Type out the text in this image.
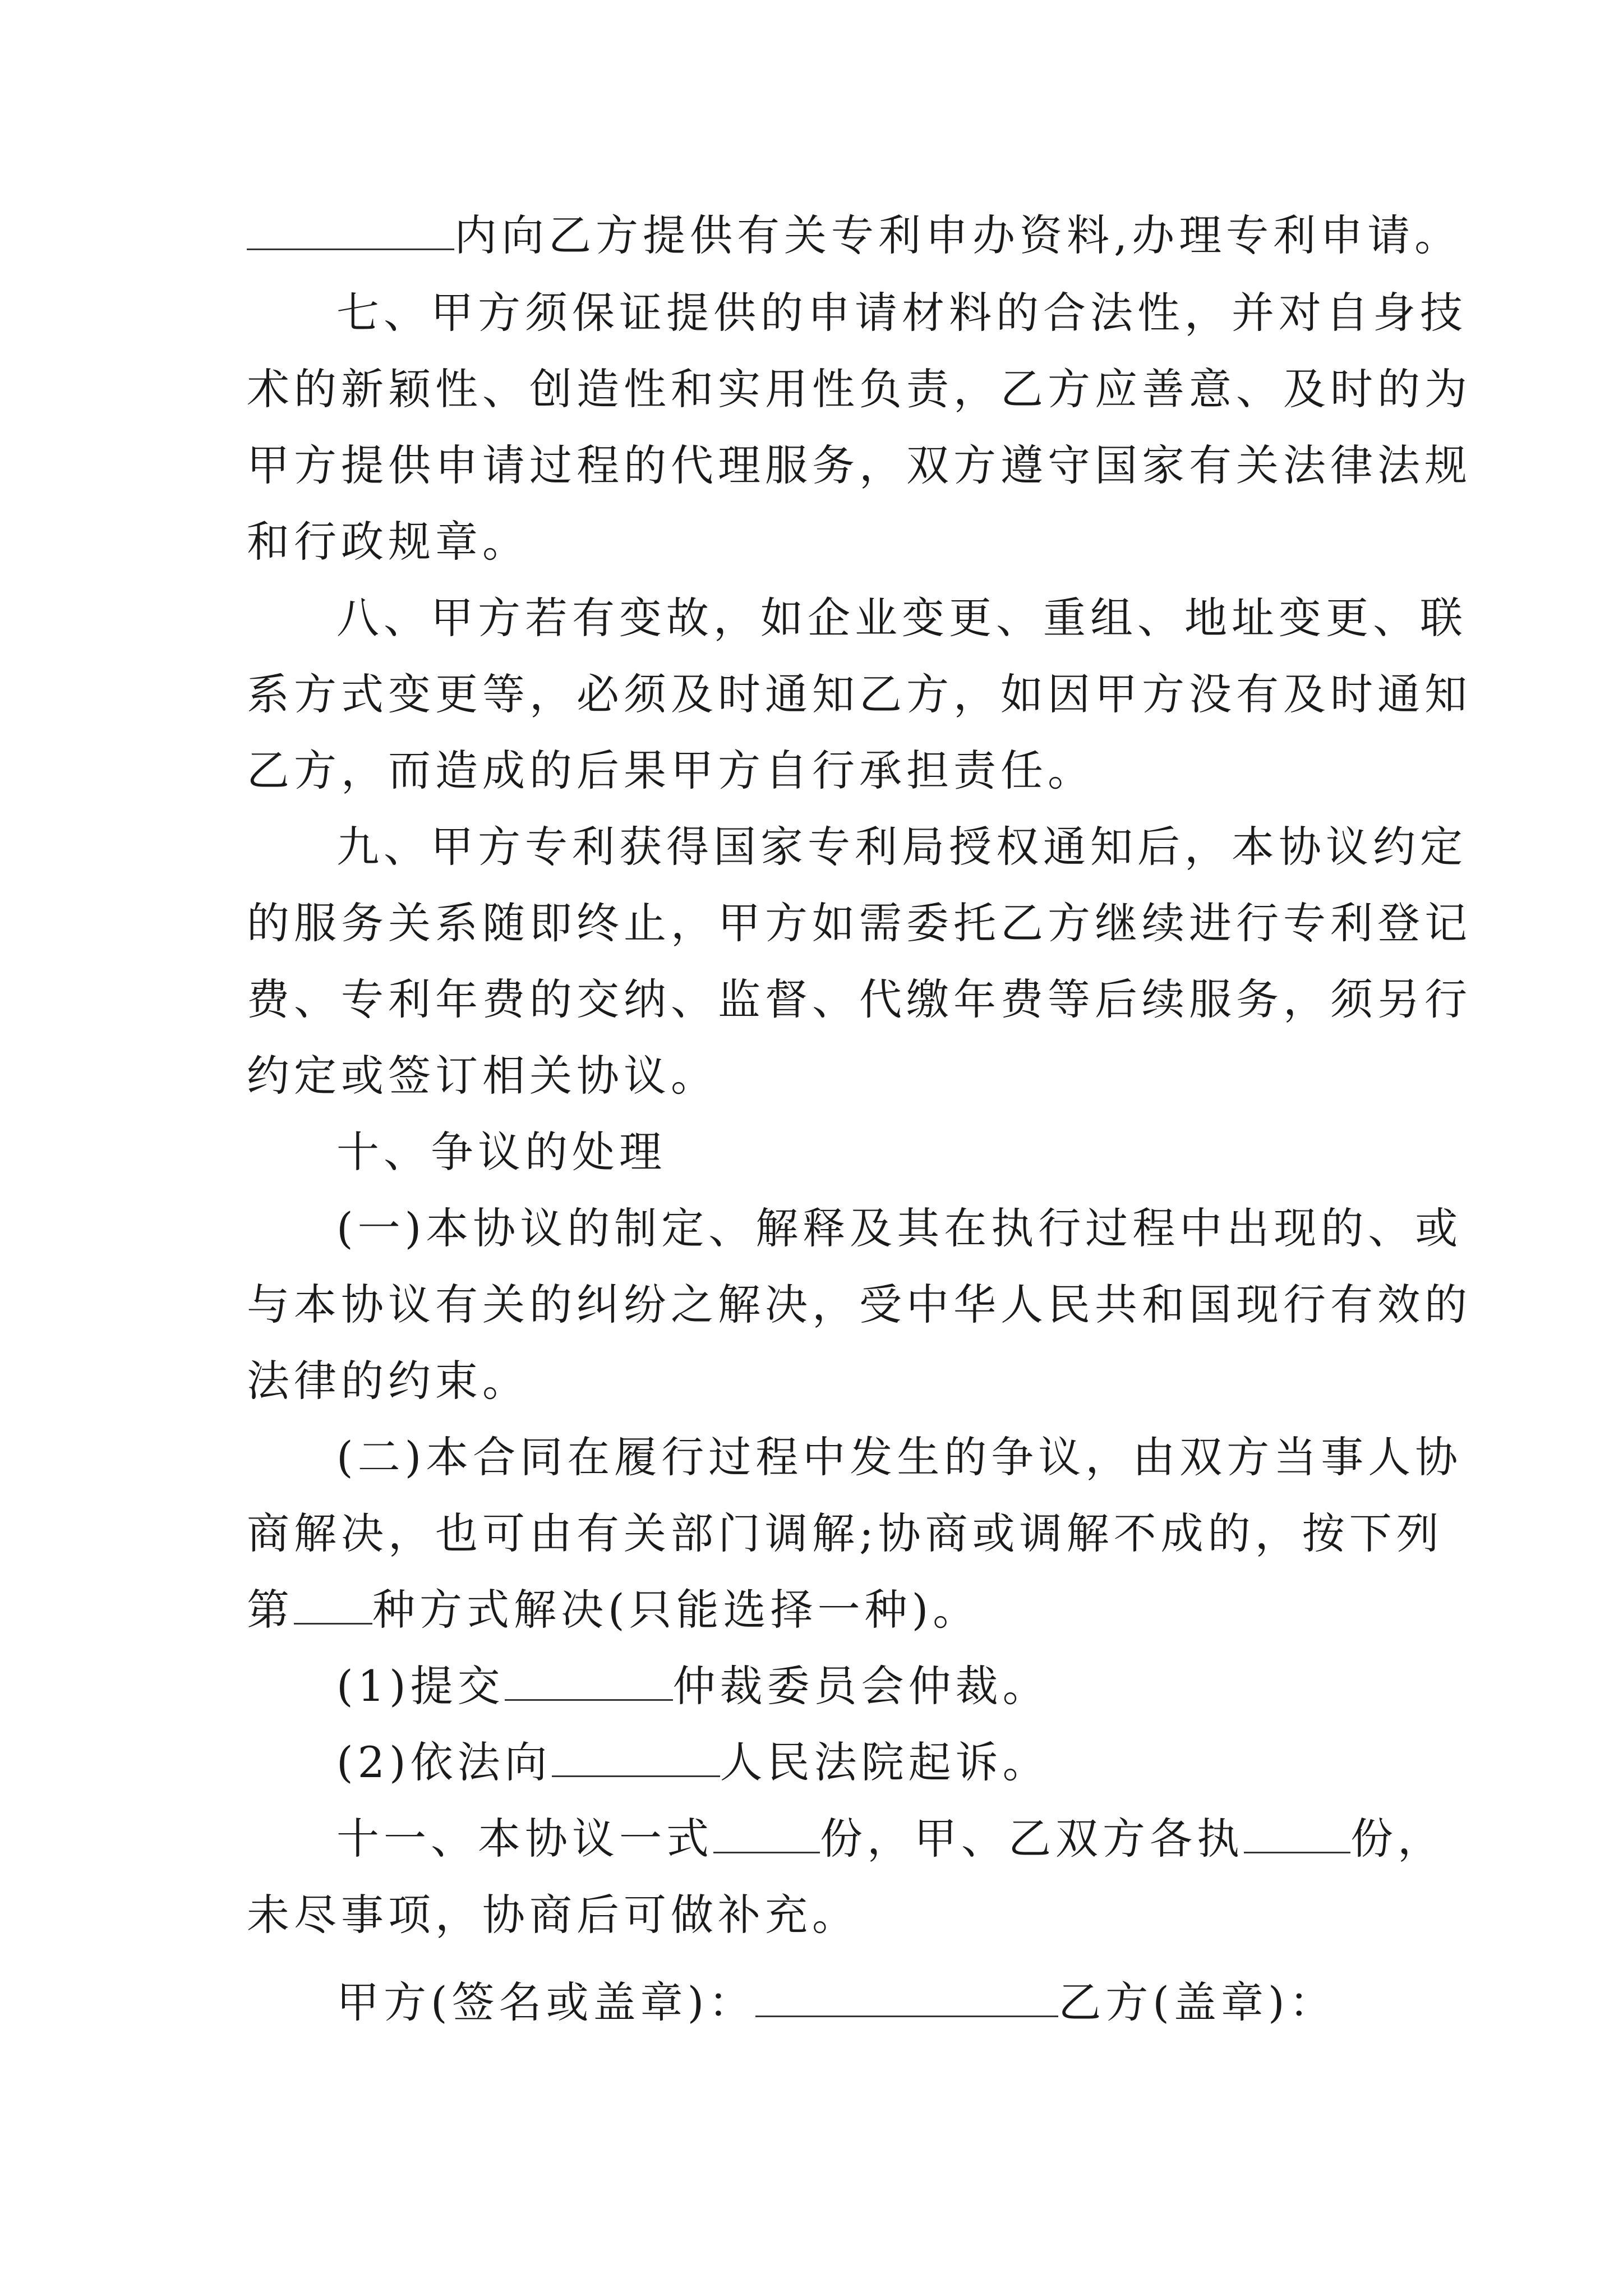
内向乙方提供有关专利申办资料,办理专利申请。
七、甲方须保证提供的申请材料的合法性，并对自身技
术的新颖性、创造性和实用性负责，乙方应善意、及时的为
甲方提供申请过程的代理服务，双方遵守国家有关法律法规
和行政规章。
八、甲方若有变故，如企业变更、重组、地址变更、联
系方式变更等，必须及时通知乙方，如因甲方没有及时通知
乙方，而造成的后果甲方自行承担责任。
九、甲方专利获得国家专利局授权通知后，本协议约定
的服务关系随即终止，甲方如需委托乙方继续进行专利登记
费、专利年费的交纳、监督、代缴年费等后续服务，须另行
约定或签订相关协议。
十、争议的处理
(一)本协议的制定、解释及其在执行过程中出现的、或
与本协议有关的纠纷之解决，受中华人民共和国现行有效的
法律的约束。
(二)本合同在履行过程中发生的争议，由双方当事人协
商解决，也可由有关部门调解;协商或调解不成的，按下列
第 种方式解决(只能选择一种)。
(1)提交	仲裁委员会仲裁。
(2)依法向	人民法院起诉。
十一、本协议一式	份，甲、乙双方各执	份，
未尽事项，协商后可做补充。
甲方(签名或盖章)：	乙方(盖章)：
